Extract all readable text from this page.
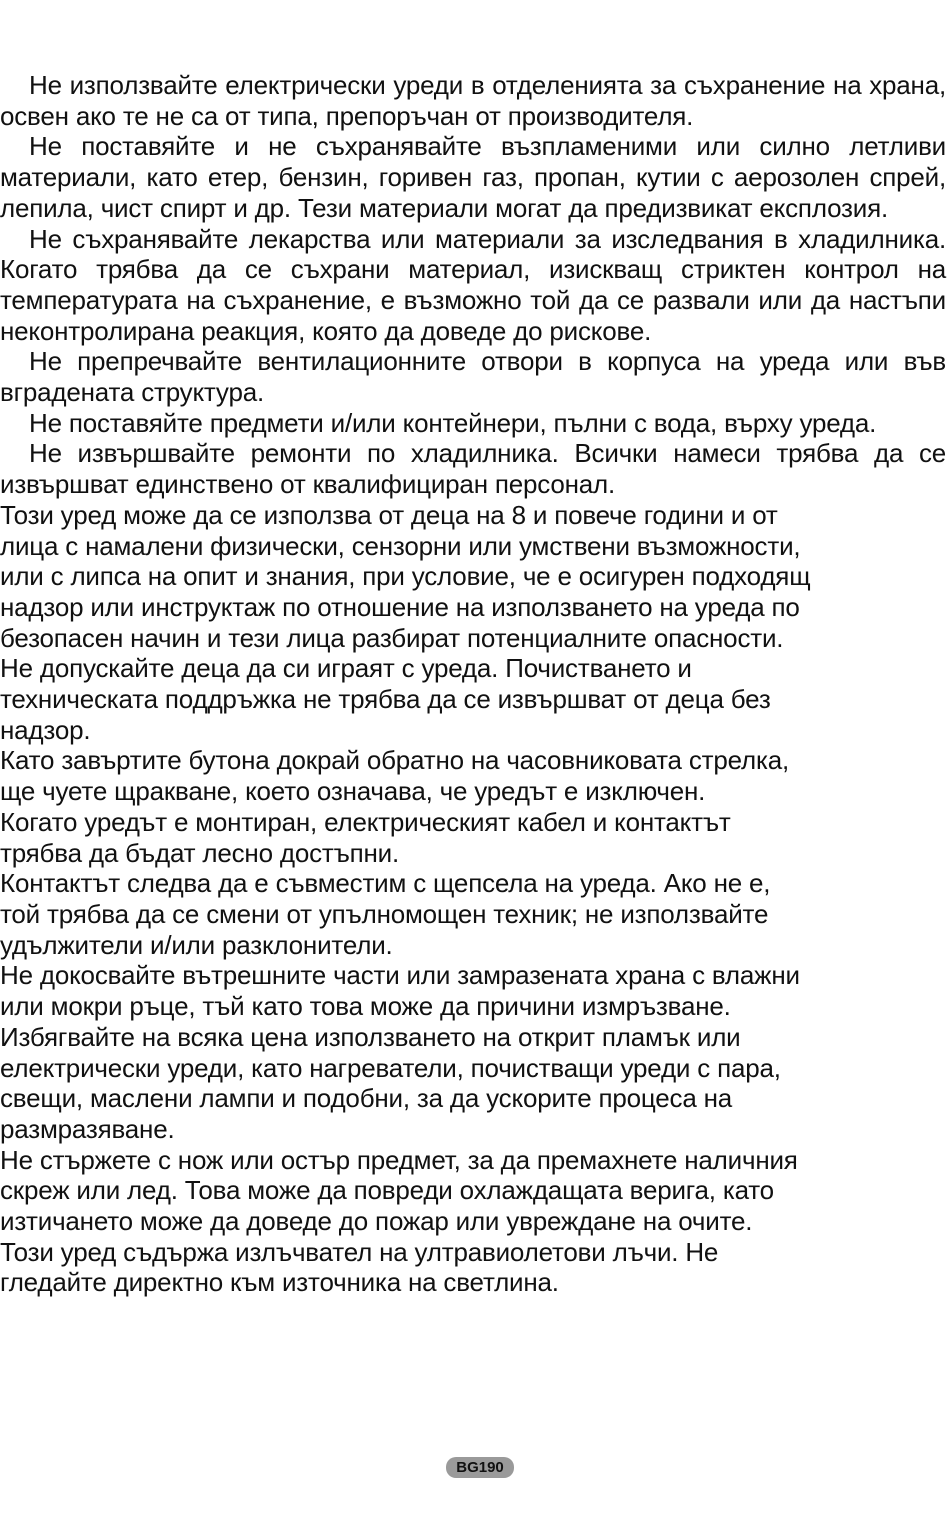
Не използвайте електрически уреди в отделенията за съхранение на храна, освен ако те не са от типа, препоръчан от производителя.

Не поставяйте и не съхранявайте възпламеними или силно летливи материали, като етер, бензин, горивен газ, пропан, кутии с аерозолен спрей, лепила, чист спирт и др. Тези материали могат да предизвикат експлозия.

Не съхранявайте лекарства или материали за изследвания в хладилника. Когато трябва да се съхрани материал, изискващ стриктен контрол на температурата на съхранение, е възможно той да се развали или да настъпи неконтролирана реакция, която да доведе до рискове.

Не препречвайте вентилационните отвори в корпуса на уреда или във вградената структура.

Не поставяйте предмети и/или контейнери, пълни с вода, върху уреда.

Не извършвайте ремонти по хладилника. Всички намеси трябва да се извършват единствено от квалифициран персонал.

Този уред може да се използва от деца на 8 и повече години и от

лица с намалени физически, сензорни или умствени възможности,

или с липса на опит и знания, при условие, че е осигурен подходящ

надзор или инструктаж по отношение на използването на уреда по

безопасен начин и тези лица разбират потенциалните опасности.

Не допускайте деца да си играят с уреда. Почистването и

техническата поддръжка не трябва да се извършват от деца без

надзор.

Като завъртите бутона докрай обратно на часовниковата стрелка,

ще чуете щракване, което означава, че уредът е изключен.

Когато уредът е монтиран, електрическият кабел и контактът

трябва да бъдат лесно достъпни.

Контактът следва да е съвместим с щепсела на уреда. Ако не е,

той трябва да се смени от упълномощен техник; не използвайте

удължители и/или разклонители.

Не докосвайте вътрешните части или замразената храна с влажни

или мокри ръце, тъй като това може да причини измръзване.

Избягвайте на всяка цена използването на открит пламък или

електрически уреди, като нагреватели, почистващи уреди с пара,

свещи, маслени лампи и подобни, за да ускорите процеса на

размразяване.

Не стържете с нож или остър предмет, за да премахнете наличния

скреж или лед. Това може да повреди охлаждащата верига, като

изтичането може да доведе до пожар или увреждане на очите.

Този уред съдържа излъчвател на ултравиолетови лъчи. Не

гледайте директно към източника на светлина.

BG190
